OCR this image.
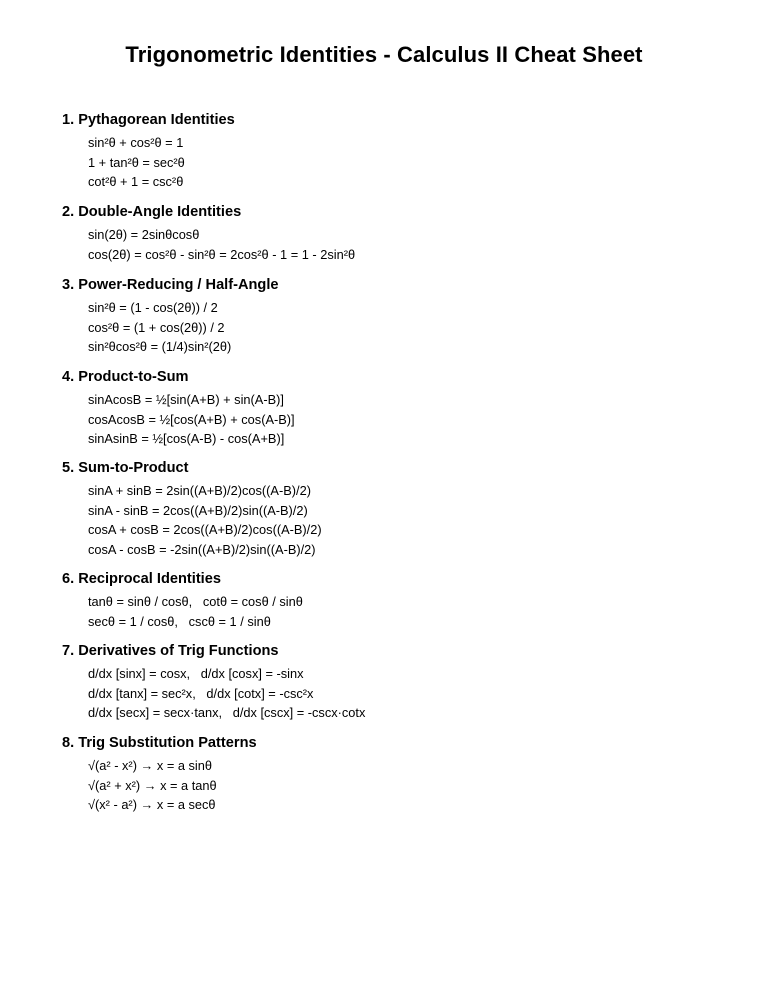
Trigonometric Identities - Calculus II Cheat Sheet
1. Pythagorean Identities
sin²θ + cos²θ = 1
1 + tan²θ = sec²θ
cot²θ + 1 = csc²θ
2. Double-Angle Identities
sin(2θ) = 2sinθcosθ
cos(2θ) = cos²θ - sin²θ = 2cos²θ - 1 = 1 - 2sin²θ
3. Power-Reducing / Half-Angle
sin²θ = (1 - cos(2θ)) / 2
cos²θ = (1 + cos(2θ)) / 2
sin²θcos²θ = (1/4)sin²(2θ)
4. Product-to-Sum
sinAcosB = ½[sin(A+B) + sin(A-B)]
cosAcosB = ½[cos(A+B) + cos(A-B)]
sinAsinB = ½[cos(A-B) - cos(A+B)]
5. Sum-to-Product
sinA + sinB = 2sin((A+B)/2)cos((A-B)/2)
sinA - sinB = 2cos((A+B)/2)sin((A-B)/2)
cosA + cosB = 2cos((A+B)/2)cos((A-B)/2)
cosA - cosB = -2sin((A+B)/2)sin((A-B)/2)
6. Reciprocal Identities
tanθ = sinθ / cosθ,   cotθ = cosθ / sinθ
secθ = 1 / cosθ,   cscθ = 1 / sinθ
7. Derivatives of Trig Functions
d/dx [sinx] = cosx,   d/dx [cosx] = -sinx
d/dx [tanx] = sec²x,   d/dx [cotx] = -csc²x
d/dx [secx] = secx·tanx,   d/dx [cscx] = -cscx·cotx
8. Trig Substitution Patterns
√(a² - x²) → x = a sinθ
√(a² + x²) → x = a tanθ
√(x² - a²) → x = a secθ
